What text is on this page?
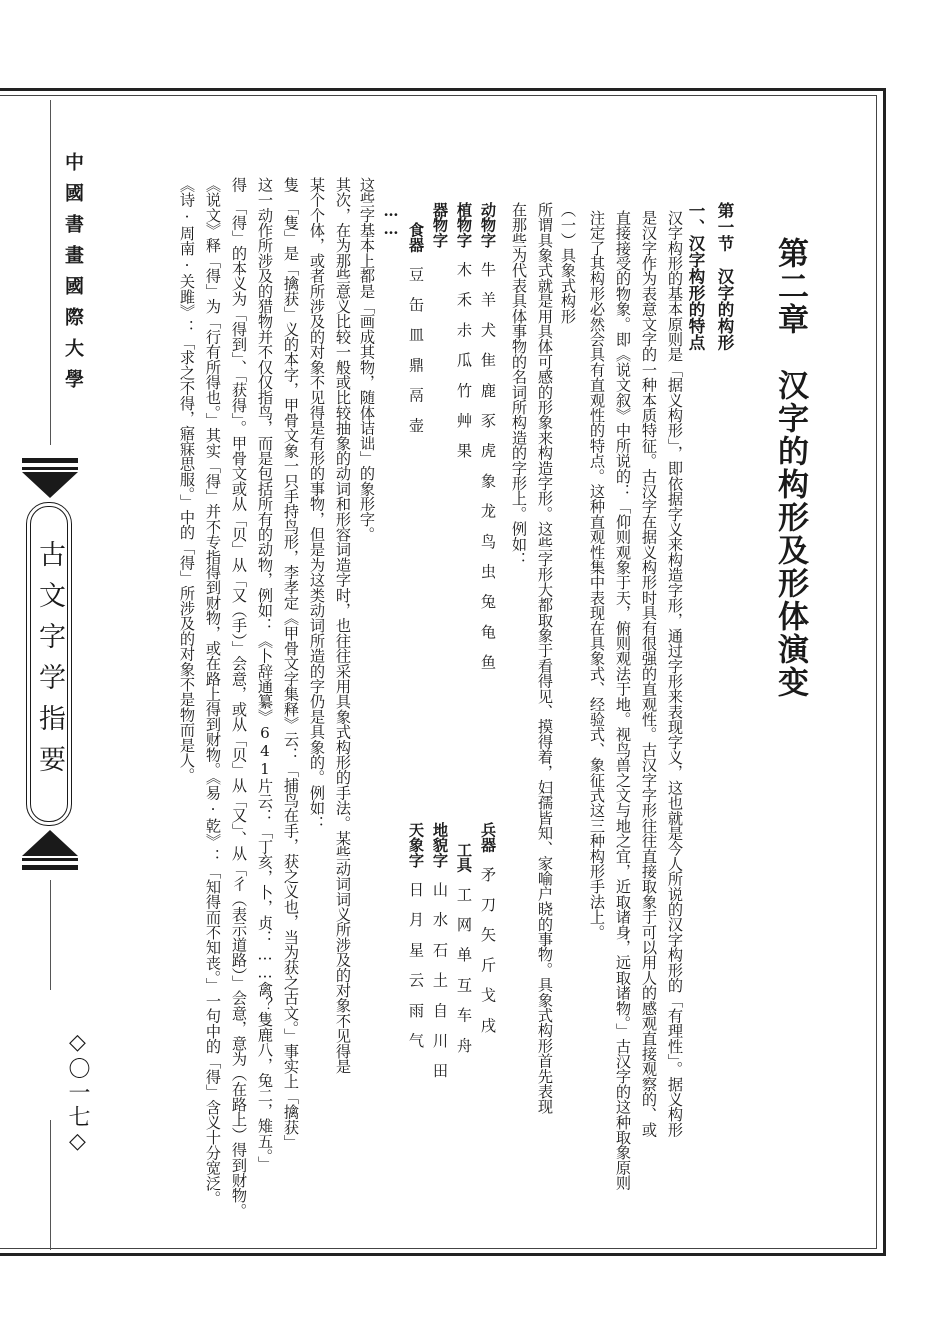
中國書畫國際大學
古文字学指要
◇〇一七◇
第二章　汉字的构形及形体演变
第一节　汉字的构形
一、汉字构形的特点
汉字构形的基本原则是「据义构形」，即依据字义来构造字形，通过字形来表现字义，这也就是今人所说的汉字构形的「有理性」。据义构形
是汉字作为表意文字的一种本质特征。古汉字在据义构形时具有很强的直观性。古汉字字形往往直接取象于可以用人的感观直接观察的、或
直接接受的物象。即《说文叙》中所说的：「仰则观象于天，俯则观法于地。视鸟兽之文与地之宜，近取诸身，远取诸物。」古汉字的这种取象原则
注定了其构形必然会具有直观性的特点。这种直观性集中表现在具象式、经验式、象征式这三种构形手法上。
（一）具象式构形
所谓具象式就是用具体可感的形象来构造字形。这些字形大都取象于看得见、摸得着，妇孺皆知、家喻户晓的事物。具象式构形首先表现
在那些为代表具体事物的名词所构造的字形上。例如：
动物字牛羊犬隹鹿豕虎象龙鸟虫兔龟鱼
植物字木禾尗瓜竹艸果
器物字
食器豆缶皿鼎鬲壶
兵器矛刀矢斤戈戌
工具工网单互车舟
地貌字山水石土自川田
天象字日月星云雨气
……
这些字基本上都是「画成其物，随体诘诎」的象形字。
其次，在为那些意义比较一般或比较抽象的动词和形容词造字时，也往往采用具象式构形的手法。某些动词词义所涉及的对象不见得是
某个个体，或者所涉及的对象不见得是有形的事物，但是为这类动词所造的字仍是具象的。例如：
隻　「隻」是「擒获」义的本字，甲骨文象一只手持鸟形，李孝定《甲骨文字集释》云：「捕鸟在手，获之义也，当为获之古文。」事实上「擒获」
这一动作所涉及的猎物并不仅仅指鸟，而是包括所有的动物，例如：《卜辞通纂》641片云：「丁亥，卜，贞：……禽？隻鹿八，兔二，雉五。」
得　「得」的本义为「得到」、「获得」。甲骨文或从「贝」从「又（手）」会意，或从「贝」从「又」、从「彳（表示道路）」会意，意为（在路上）得到财物。
《说文》释「得」为「行有所得也。」其实「得」并不专指得到财物，或在路上得到财物。《易·乾》：「知得而不知丧。」一句中的「得」含义十分宽泛。
《诗·周南·关雎》：「求之不得，寤寐思服。」中的「得」所涉及的对象不是物而是人。
